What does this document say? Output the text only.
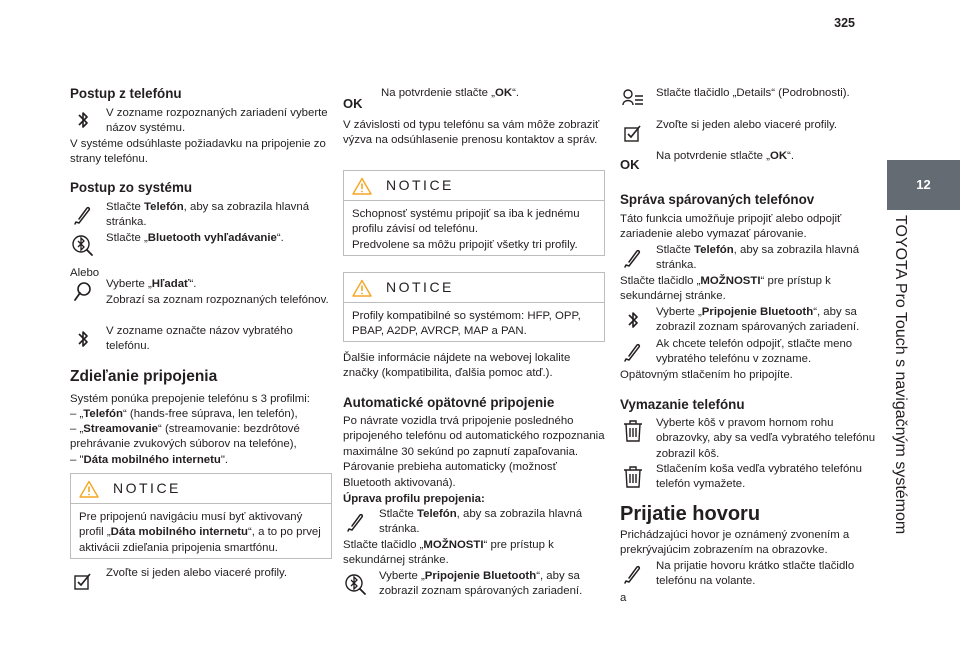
325
12
TOYOTA Pro Touch s navigačným systémom
Postup z telefónu

V zozname rozpoznaných zariadení vyberte názov systému.

V systéme odsúhlaste požiadavku na pripojenie zo strany telefónu.

Postup zo systému

Stlačte Telefón, aby sa zobrazila hlavná stránka.

Stlačte „Bluetooth vyhľadávanie“.

Alebo

Vyberte „Hľadať“.

Zobrazí sa zoznam rozpoznaných telefónov.

V zozname označte názov vybratého telefónu.

Zdieľanie pripojenia

Systém ponúka prepojenie telefónu s 3 profilmi:

– „Telefón“ (hands-free súprava, len telefón),

– „Streamovanie“ (streamovanie: bezdrôtové prehrávanie zvukových súborov na telefóne),

– "Dáta mobilného internetu".

NOTICE

Pre pripojenú navigáciu musí byť aktivovaný profil „Dáta mobilného internetu“, a to po prvej aktivácii zdieľania pripojenia smartfónu.

Zvoľte si jeden alebo viaceré profily.

OK

Na potvrdenie stlačte „OK“.

V závislosti od typu telefónu sa vám môže zobraziť výzva na odsúhlasenie prenosu kontaktov a správ.

NOTICE

Schopnosť systému pripojiť sa iba k jednému profilu závisí od telefónu.

Predvolene sa môžu pripojiť všetky tri profily.

NOTICE

Profily kompatibilné so systémom: HFP, OPP, PBAP, A2DP, AVRCP, MAP a PAN.

Ďalšie informácie nájdete na webovej lokalite značky (kompatibilita, ďalšia pomoc atď.).

Automatické opätovné pripojenie

Po návrate vozidla trvá pripojenie posledného pripojeného telefónu od automatického rozpoznania maximálne 30 sekúnd po zapnutí zapaľovania. Párovanie prebieha automaticky (možnosť Bluetooth aktivovaná).

Úprava profilu prepojenia:

Stlačte Telefón, aby sa zobrazila hlavná stránka.

Stlačte tlačidlo „MOŽNOSTI“ pre prístup k sekundárnej stránke.

Vyberte „Pripojenie Bluetooth“, aby sa zobrazil zoznam spárovaných zariadení.

Stlačte tlačidlo „Details“ (Podrobnosti).

Zvoľte si jeden alebo viaceré profily.

OK

Na potvrdenie stlačte „OK“.

Správa spárovaných telefónov

Táto funkcia umožňuje pripojiť alebo odpojiť zariadenie alebo vymazať párovanie.

Stlačte Telefón, aby sa zobrazila hlavná stránka.

Stlačte tlačidlo „MOŽNOSTI“ pre prístup k sekundárnej stránke.

Vyberte „Pripojenie Bluetooth“, aby sa zobrazil zoznam spárovaných zariadení.

Ak chcete telefón odpojiť, stlačte meno vybratého telefónu v zozname.

Opätovným stlačením ho pripojíte.

Vymazanie telefónu

Vyberte kôš v pravom hornom rohu obrazovky, aby sa vedľa vybratého telefónu zobrazil kôš.

Stlačením koša vedľa vybratého telefónu telefón vymažete.

Prijatie hovoru

Prichádzajúci hovor je oznámený zvonením a prekrývajúcim zobrazením na obrazovke.

Na prijatie hovoru krátko stlačte tlačidlo telefónu na volante.

a
